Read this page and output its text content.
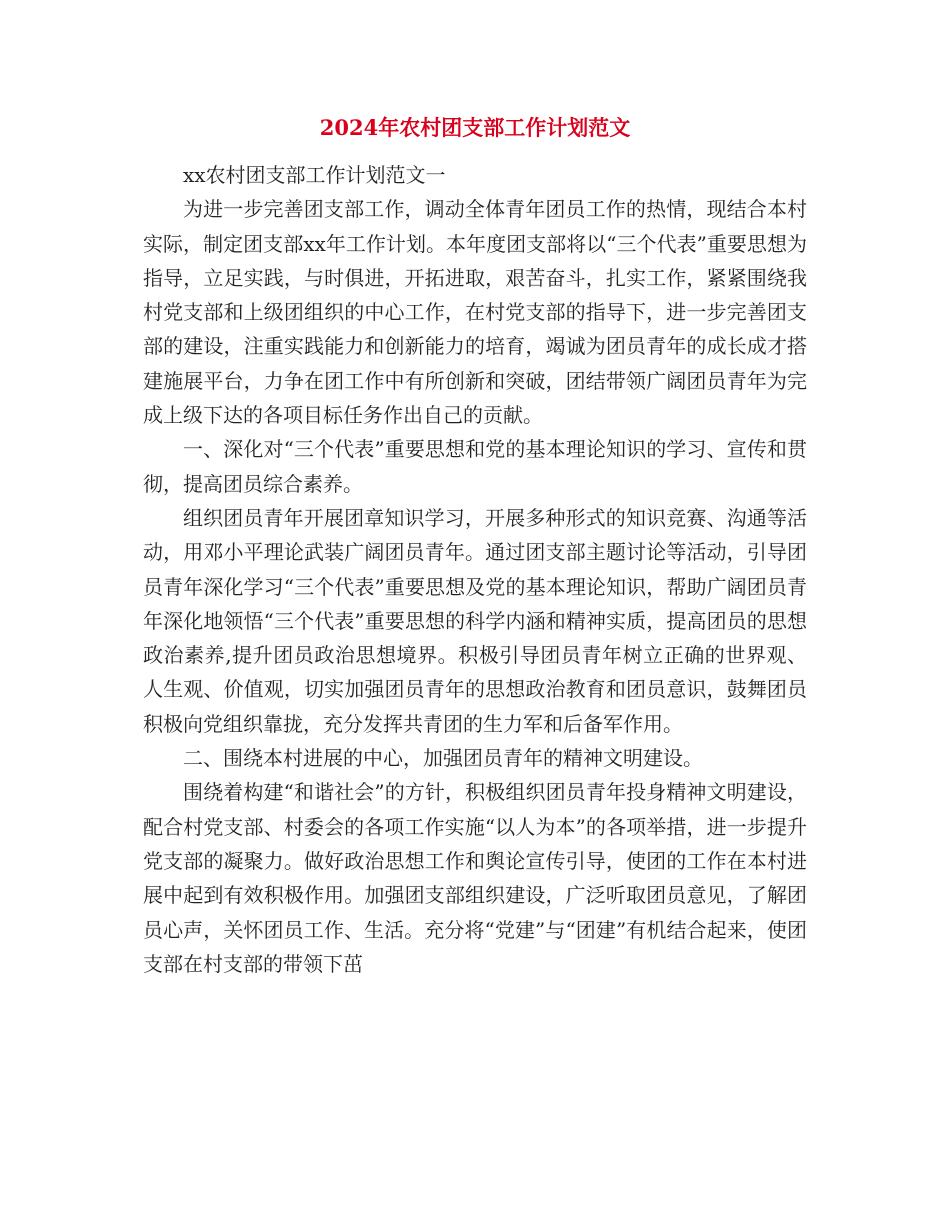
2024年农村团支部工作计划范文

xx农村团支部工作计划范文一

为进一步完善团支部工作，调动全体青年团员工作的热情，现结合本村实际，制定团支部xx年工作计划。本年度团支部将以“三个代表”重要思想为指导，立足实践，与时俱进，开拓进取，艰苦奋斗，扎实工作，紧紧围绕我村党支部和上级团组织的中心工作，在村党支部的指导下，进一步完善团支部的建设，注重实践能力和创新能力的培育，竭诚为团员青年的成长成才搭建施展平台，力争在团工作中有所创新和突破，团结带领广阔团员青年为完成上级下达的各项目标任务作出自己的贡献。

一、深化对“三个代表”重要思想和党的基本理论知识的学习、宣传和贯彻，提高团员综合素养。

组织团员青年开展团章知识学习，开展多种形式的知识竞赛、沟通等活动，用邓小平理论武装广阔团员青年。通过团支部主题讨论等活动，引导团员青年深化学习“三个代表”重要思想及党的基本理论知识，帮助广阔团员青年深化地领悟“三个代表”重要思想的科学内涵和精神实质，提高团员的思想政治素养,提升团员政治思想境界。积极引导团员青年树立正确的世界观、人生观、价值观，切实加强团员青年的思想政治教育和团员意识，鼓舞团员积极向党组织靠拢，充分发挥共青团的生力军和后备军作用。

二、围绕本村进展的中心，加强团员青年的精神文明建设。

围绕着构建“和谐社会”的方针，积极组织团员青年投身精神文明建设，配合村党支部、村委会的各项工作实施“以人为本”的各项举措，进一步提升党支部的凝聚力。做好政治思想工作和舆论宣传引导，使团的工作在本村进展中起到有效积极作用。加强团支部组织建设，广泛听取团员意见，了解团员心声，关怀团员工作、生活。充分将“党建”与“团建”有机结合起来，使团支部在村支部的带领下茁
